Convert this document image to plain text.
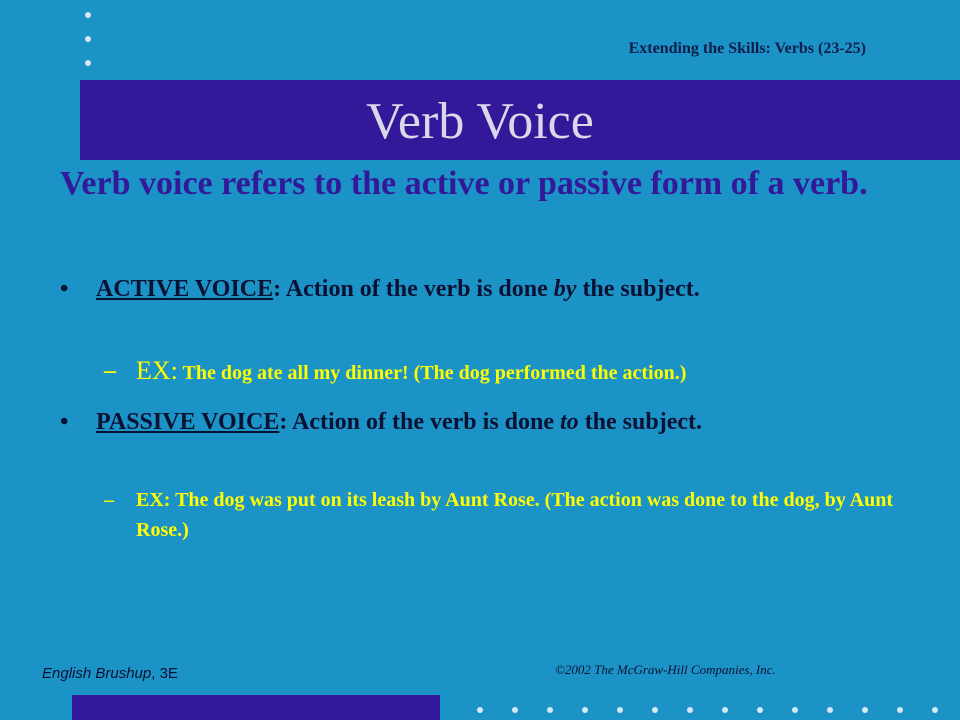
Extending the Skills: Verbs (23-25)
Verb Voice
Verb voice refers to the active or passive form of a verb.
• ACTIVE VOICE: Action of the verb is done by the subject.
– EX: The dog ate all my dinner! (The dog performed the action.)
• PASSIVE VOICE: Action of the verb is done to the subject.
– EX: The dog was put on its leash by Aunt Rose. (The action was done to the dog, by Aunt Rose.)
English Brushup, 3E	©2002 The McGraw-Hill Companies, Inc.
